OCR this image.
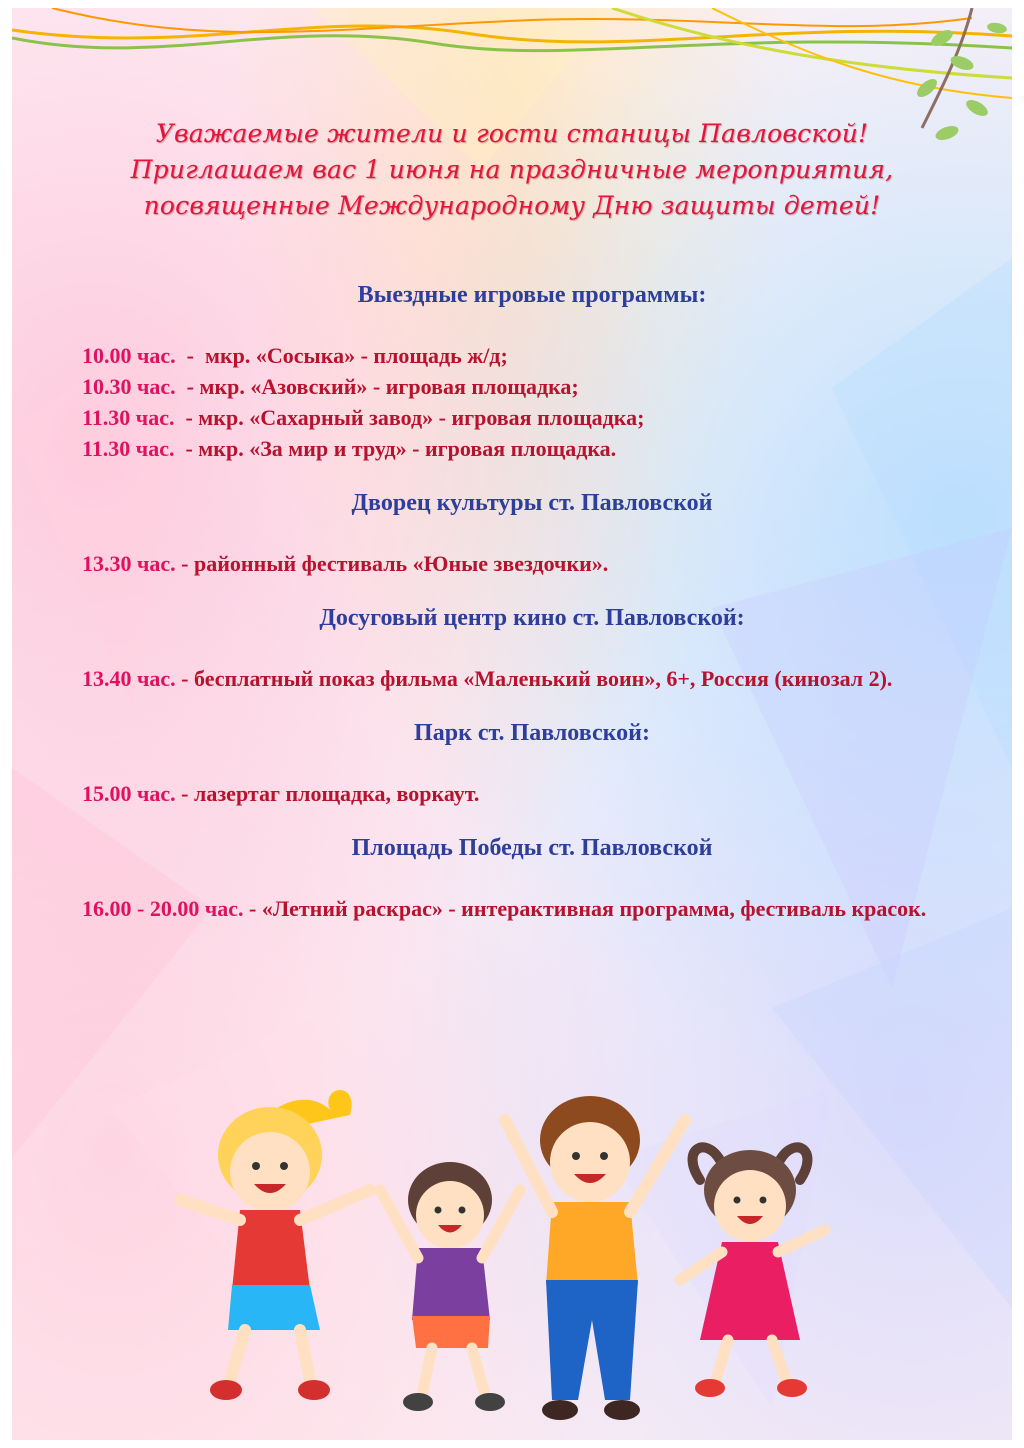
Уважаемые жители и гости станицы Павловской!
Приглашаем вас 1 июня на праздничные мероприятия,
посвященные Международному Дню защиты детей!
Выездные игровые программы:

10.00 час.  -  мкр. «Сосыка» - площадь ж/д;

10.30 час.  - мкр. «Азовский» - игровая площадка;

11.30 час.  - мкр. «Сахарный завод» - игровая площадка;

11.30 час.  - мкр. «За мир и труд» - игровая площадка.

Дворец культуры ст. Павловской

13.30 час. - районный фестиваль «Юные звездочки».

Досуговый центр кино ст. Павловской:

13.40 час. - бесплатный показ фильма «Маленький воин», 6+, Россия (кинозал 2).

Парк ст. Павловской:

15.00 час. - лазертаг площадка, воркаут.

Площадь Победы ст. Павловской

16.00 - 20.00 час. - «Летний раскрас» - интерактивная программа, фестиваль красок.
